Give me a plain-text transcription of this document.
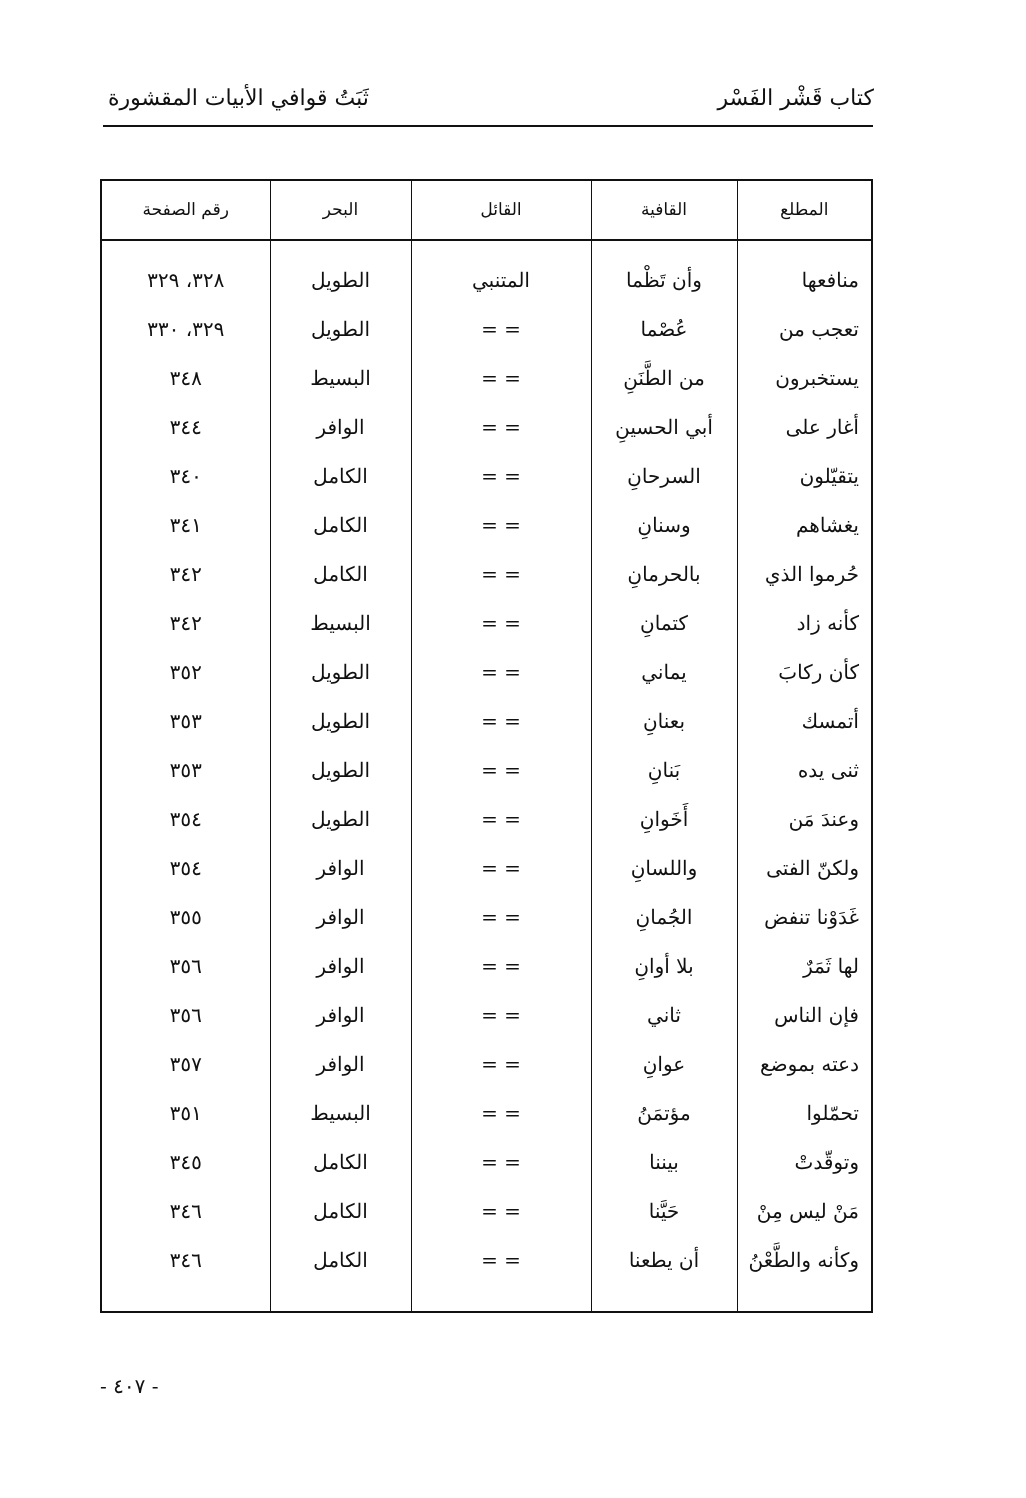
كتاب قَشْر الفَسْر
ثَبَتُ قوافي الأبيات المقشورة
المطلع	القافية	القائل	البحر	رقم الصفحة
منافعها	وأن تَظْما	المتنبي	الطويل	٣٢٨، ٣٢٩
تعجب من	عُصْما	= =	الطويل	٣٢٩، ٣٣٠
يستخبرون	من الطَّنَنِ	= =	البسيط	٣٤٨
أغار على	أبي الحسينِ	= =	الوافر	٣٤٤
يتقيّلون	السرحانِ	= =	الكامل	٣٤٠
يغشاهم	وسنانِ	= =	الكامل	٣٤١
حُرموا الذي	بالحرمانِ	= =	الكامل	٣٤٢
كأنه زاد	كتمانِ	= =	البسيط	٣٤٢
كأن ركابَ	يماني	= =	الطويل	٣٥٢
أتمسك	بعنانِ	= =	الطويل	٣٥٣
ثنى يده	بَنانِ	= =	الطويل	٣٥٣
وعندَ مَن	أَخَوانِ	= =	الطويل	٣٥٤
ولكنّ الفتى	واللسانِ	= =	الوافر	٣٥٤
غَدَوْنا تنفض	الجُمانِ	= =	الوافر	٣٥٥
لها ثَمَرٌ	بلا أوانِ	= =	الوافر	٣٥٦
فإن الناس	ثاني	= =	الوافر	٣٥٦
دعته بموضع	عوانِ	= =	الوافر	٣٥٧
تحمّلوا	مؤتمَنُ	= =	البسيط	٣٥١
وتوقّدتْ	بيننا	= =	الكامل	٣٤٥
مَنْ ليس مِنْ	حَيَّنا	= =	الكامل	٣٤٦
وكأنه والطَّعْنُ	أن يطعنا	= =	الكامل	٣٤٦

- ٤٠٧ -
